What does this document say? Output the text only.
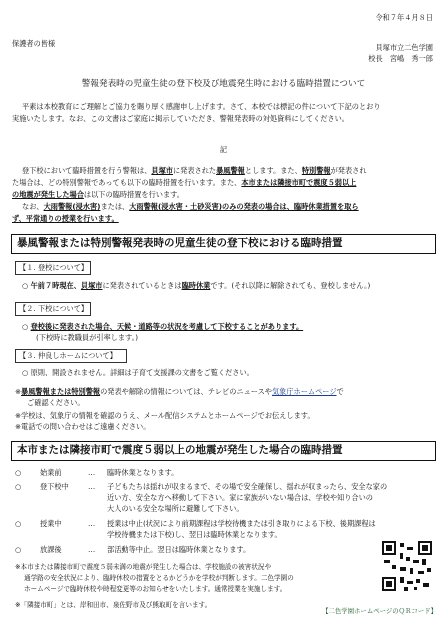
令和７年４月８日
保護者の皆様	貝塚市立二色学園
校長　宮嶋　秀一郎
警報発表時の児童生徒の登下校及び地震発生時における臨時措置について
平素は本校教育にご理解とご協力を賜り厚く感謝申し上げます。さて、本校では標記の件について下記のとおり
実施いたします。なお、この文書はご家庭に掲示していただき、警報発表時の対処資料にしてください。
記
登下校において臨時措置を行う警報は、貝塚市に発表された暴風警報とします。また、特別警報が発表され
た場合は、どの特別警報であっても以下の臨時措置を行います。また、本市または隣接市町で震度５弱以上
の地震が発生した場合は以下の臨時措置を行います。
なお、大雨警報(浸水害)または、大雨警報(浸水害・土砂災害)のみの発表の場合は、臨時休業措置を取ら
ず、平常通りの授業を行います。
暴風警報または特別警報発表時の児童生徒の登下校における臨時措置
【１. 登校について】
○ 午前７時現在、貝塚市に発表されているときは臨時休業です。(それ以降に解除されても、登校しません。)
【２. 下校について】
○ 登校後に発表された場合、天候・道路等の状況を考慮して下校することがあります。
(下校時に教職員が引率します。)
【３. 仲良しホームについて】
○ 原則、開設されません。詳細は子育て支援課の文書をご覧ください。
※暴風警報または特別警報の発表や解除の情報については、テレビのニュースや気象庁ホームページで
ご確認ください。
※学校は、気象庁の情報を確認のうえ、メール配信システムとホームページでお伝えします。
※電話での問い合わせはご遠慮ください。
本市または隣接市町で震度５弱以上の地震が発生した場合の臨時措置
○	始業前	… 臨時休業となります。
○	登下校中	… 子どもたちは揺れが収まるまで、その場で安全確保し、揺れが収まったら、安全な家の
近い方、安全な方へ移動して下さい。家に家族がいない場合は、学校や知り合いの
大人のいる安全な場所に避難して下さい。
○	授業中	… 授業は中止(状況により前期課程は学校待機または引き取りによる下校、後期課程は
学校待機または下校)し、翌日は臨時休業となります。
○	放課後	… 部活動等中止。翌日は臨時休業となります。
※本市または隣接市町で震度５弱未満の地震が発生した場合は、学校施設の被害状況や
通学路の安全状況により、臨時休校の措置をとるかどうかを学校が判断します。二色学園の
ホームページで臨時休校や時程変更等のお知らせをいたします。通常授業を実施します。
※「隣接市町」とは、岸和田市、泉佐野市及び熊取町を言います。
【二色学園ホームページのＱＲコード】
